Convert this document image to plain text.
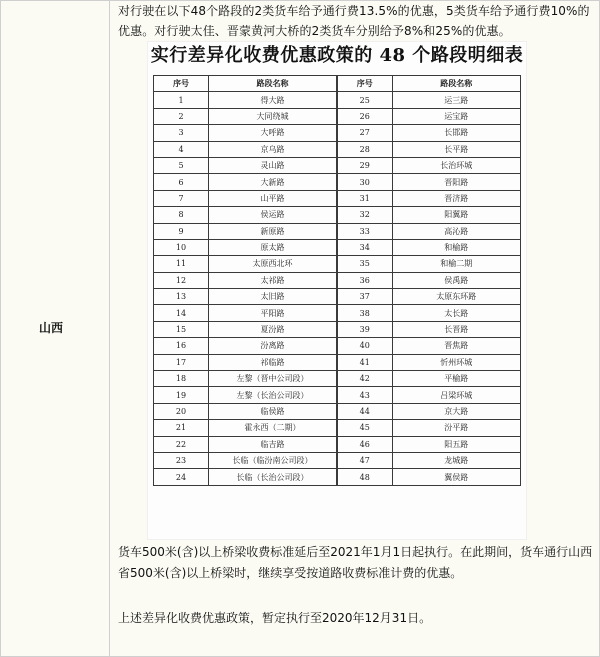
山西
对行驶在以下48个路段的2类货车给予通行费13.5%的优惠，5类货车给予通行费10%的优惠。对行驶太佳、晋蒙黄河大桥的2类货车分别给予8%和25%的优惠。
实行差异化收费优惠政策的 48 个路段明细表
序号	路段名称	序号	路段名称
1	得大路	25	运三路
2	大同绕城	26	运宝路
3	大呼路	27	长邯路
4	京乌路	28	长平路
5	灵山路	29	长治环城
6	大新路	30	晋阳路
7	山平路	31	晋济路
8	侯运路	32	阳翼路
9	新原路	33	高沁路
10	原太路	34	和榆路
11	太原西北环	35	和榆二期
12	太祁路	36	侯禹路
13	太旧路	37	太原东环路
14	平阳路	38	太长路
15	夏汾路	39	长晋路
16	汾离路	40	晋焦路
17	祁临路	41	忻州环城
18	左黎（晋中公司段）	42	平榆路
19	左黎（长治公司段）	43	吕梁环城
20	临侯路	44	京大路
21	霍永西（二期）	45	汾平路
22	临吉路	46	阳五路
23	长临（临汾南公司段）	47	龙城路
24	长临（长治公司段）	48	翼侯路
货车500米(含)以上桥梁收费标准延后至2021年1月1日起执行。在此期间，货车通行山西省500米(含)以上桥梁时，继续享受按道路收费标准计费的优惠。
上述差异化收费优惠政策，暂定执行至2020年12月31日。
